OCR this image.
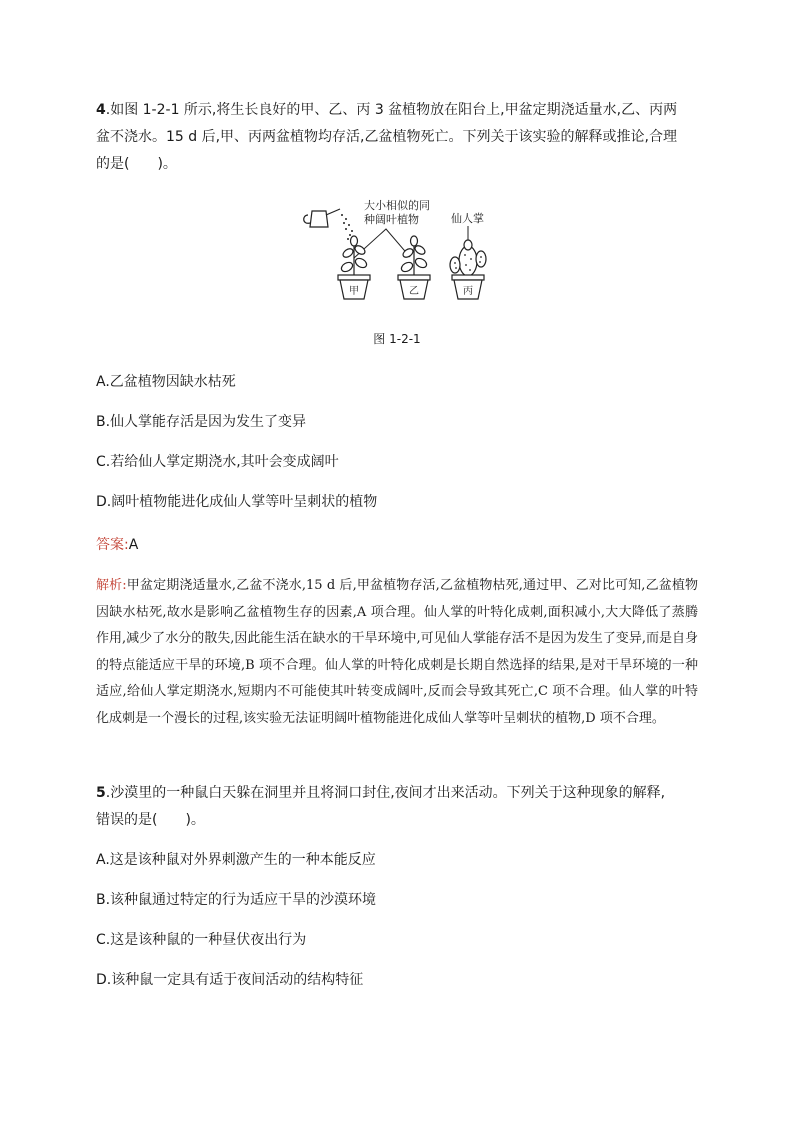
4.如图 1-2-1 所示,将生长良好的甲、乙、丙 3 盆植物放在阳台上,甲盆定期浇适量水,乙、丙两
盆不浇水。15 d 后,甲、丙两盆植物均存活,乙盆植物死亡。下列关于该实验的解释或推论,合理
的是(　　)。
大小相似的同
种阔叶植物	仙人掌
甲	乙	丙
图 1-2-1
A.乙盆植物因缺水枯死
B.仙人掌能存活是因为发生了变异
C.若给仙人掌定期浇水,其叶会变成阔叶
D.阔叶植物能进化成仙人掌等叶呈刺状的植物
答案:A
解析:甲盆定期浇适量水,乙盆不浇水,15 d 后,甲盆植物存活,乙盆植物枯死,通过甲、乙对比可知,乙盆植物因缺水枯死,故水是影响乙盆植物生存的因素,A 项合理。仙人掌的叶特化成刺,面积减小,大大降低了蒸腾作用,减少了水分的散失,因此能生活在缺水的干旱环境中,可见仙人掌能存活不是因为发生了变异,而是自身的特点能适应干旱的环境,B 项不合理。仙人掌的叶特化成刺是长期自然选择的结果,是对干旱环境的一种适应,给仙人掌定期浇水,短期内不可能使其叶转变成阔叶,反而会导致其死亡,C 项不合理。仙人掌的叶特化成刺是一个漫长的过程,该实验无法证明阔叶植物能进化成仙人掌等叶呈刺状的植物,D 项不合理。
5.沙漠里的一种鼠白天躲在洞里并且将洞口封住,夜间才出来活动。下列关于这种现象的解释,
错误的是(　　)。
A.这是该种鼠对外界刺激产生的一种本能反应
B.该种鼠通过特定的行为适应干旱的沙漠环境
C.这是该种鼠的一种昼伏夜出行为
D.该种鼠一定具有适于夜间活动的结构特征
